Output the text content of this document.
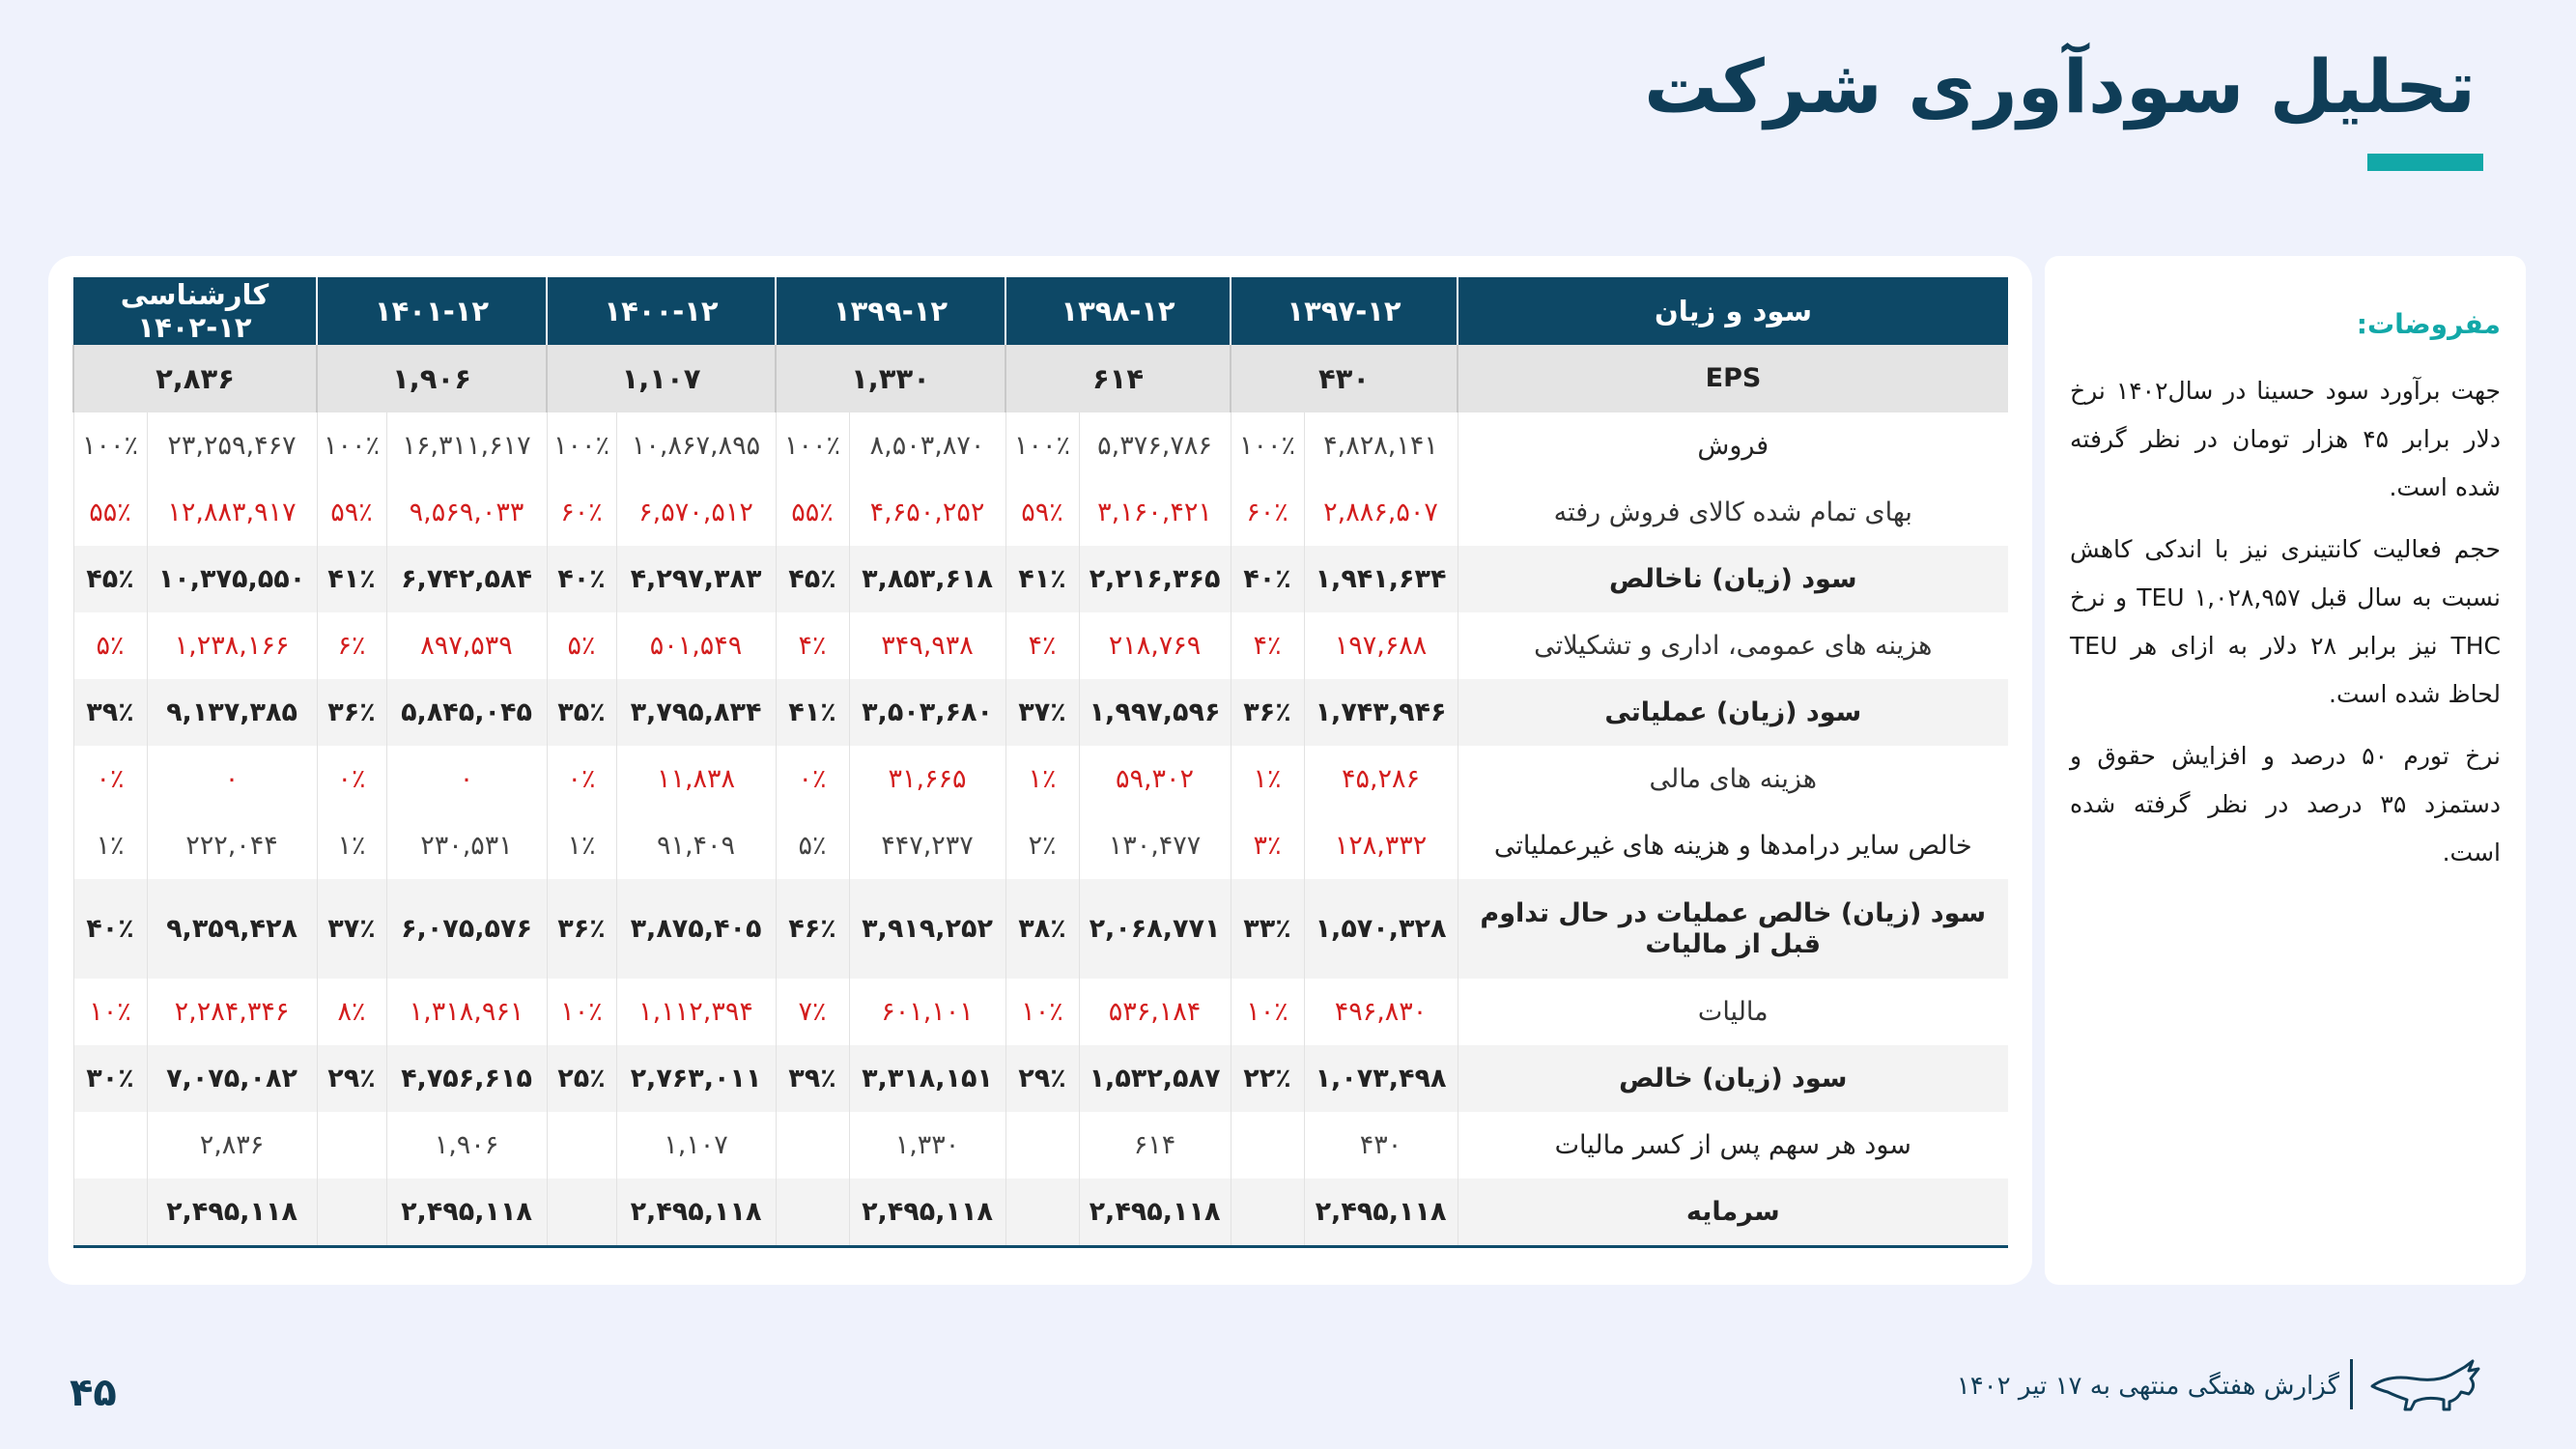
تحلیل سودآوری شرکت
مفروضات:

جهت برآورد سود حسینا در سال۱۴۰۲ نرخ دلار برابر ۴۵ هزار تومان در نظر گرفته شده است.

حجم فعالیت کانتینری نیز با اندکی کاهش نسبت به سال قبل ۱,۰۲۸,۹۵۷ TEU و نرخ THC نیز برابر ۲۸ دلار به ازای هر TEU لحاظ شده است.

نرخ تورم ۵۰ درصد و افزایش حقوق و دستمزد ۳۵ درصد در نظر گرفته شده است.

سود و زیان	۱۳۹۷-۱۲		۱۳۹۸-۱۲		۱۳۹۹-۱۲		۱۴۰۰-۱۲		۱۴۰۱-۱۲		کارشناسی ۱۲-۱۴۰۲	
EPS	۴۳۰		۶۱۴		۱,۳۳۰		۱,۱۰۷		۱,۹۰۶		۲,۸۳۶	
فروش	۴,۸۲۸,۱۴۱	۱۰۰٪	۵,۳۷۶,۷۸۶	۱۰۰٪	۸,۵۰۳,۸۷۰	۱۰۰٪	۱۰,۸۶۷,۸۹۵	۱۰۰٪	۱۶,۳۱۱,۶۱۷	۱۰۰٪	۲۳,۲۵۹,۴۶۷	۱۰۰٪
بهای تمام شده کالای فروش رفته	۲,۸۸۶,۵۰۷	۶۰٪	۳,۱۶۰,۴۲۱	۵۹٪	۴,۶۵۰,۲۵۲	۵۵٪	۶,۵۷۰,۵۱۲	۶۰٪	۹,۵۶۹,۰۳۳	۵۹٪	۱۲,۸۸۳,۹۱۷	۵۵٪
سود (زیان) ناخالص	۱,۹۴۱,۶۳۴	۴۰٪	۲,۲۱۶,۳۶۵	۴۱٪	۳,۸۵۳,۶۱۸	۴۵٪	۴,۲۹۷,۳۸۳	۴۰٪	۶,۷۴۲,۵۸۴	۴۱٪	۱۰,۳۷۵,۵۵۰	۴۵٪
هزینه های عمومی، اداری و تشکیلاتی	۱۹۷,۶۸۸	۴٪	۲۱۸,۷۶۹	۴٪	۳۴۹,۹۳۸	۴٪	۵۰۱,۵۴۹	۵٪	۸۹۷,۵۳۹	۶٪	۱,۲۳۸,۱۶۶	۵٪
سود (زیان) عملیاتی	۱,۷۴۳,۹۴۶	۳۶٪	۱,۹۹۷,۵۹۶	۳۷٪	۳,۵۰۳,۶۸۰	۴۱٪	۳,۷۹۵,۸۳۴	۳۵٪	۵,۸۴۵,۰۴۵	۳۶٪	۹,۱۳۷,۳۸۵	۳۹٪
هزینه های مالی	۴۵,۲۸۶	۱٪	۵۹,۳۰۲	۱٪	۳۱,۶۶۵	۰٪	۱۱,۸۳۸	۰٪	۰	۰٪	۰	۰٪
خالص سایر درامدها و هزینه های غیرعملیاتی	۱۲۸,۳۳۲	۳٪	۱۳۰,۴۷۷	۲٪	۴۴۷,۲۳۷	۵٪	۹۱,۴۰۹	۱٪	۲۳۰,۵۳۱	۱٪	۲۲۲,۰۴۴	۱٪
سود (زیان) خالص عملیات در حال تداوم قبل از مالیات	۱,۵۷۰,۳۲۸	۳۳٪	۲,۰۶۸,۷۷۱	۳۸٪	۳,۹۱۹,۲۵۲	۴۶٪	۳,۸۷۵,۴۰۵	۳۶٪	۶,۰۷۵,۵۷۶	۳۷٪	۹,۳۵۹,۴۲۸	۴۰٪
مالیات	۴۹۶,۸۳۰	۱۰٪	۵۳۶,۱۸۴	۱۰٪	۶۰۱,۱۰۱	۷٪	۱,۱۱۲,۳۹۴	۱۰٪	۱,۳۱۸,۹۶۱	۸٪	۲,۲۸۴,۳۴۶	۱۰٪
سود (زیان) خالص	۱,۰۷۳,۴۹۸	۲۲٪	۱,۵۳۲,۵۸۷	۲۹٪	۳,۳۱۸,۱۵۱	۳۹٪	۲,۷۶۳,۰۱۱	۲۵٪	۴,۷۵۶,۶۱۵	۲۹٪	۷,۰۷۵,۰۸۲	۳۰٪
سود هر سهم پس از کسر مالیات	۴۳۰		۶۱۴		۱,۳۳۰		۱,۱۰۷		۱,۹۰۶		۲,۸۳۶	
سرمایه	۲,۴۹۵,۱۱۸		۲,۴۹۵,۱۱۸		۲,۴۹۵,۱۱۸		۲,۴۹۵,۱۱۸		۲,۴۹۵,۱۱۸		۲,۴۹۵,۱۱۸	
۴۵	گزارش هفتگی منتهی به ۱۷ تیر ۱۴۰۲
